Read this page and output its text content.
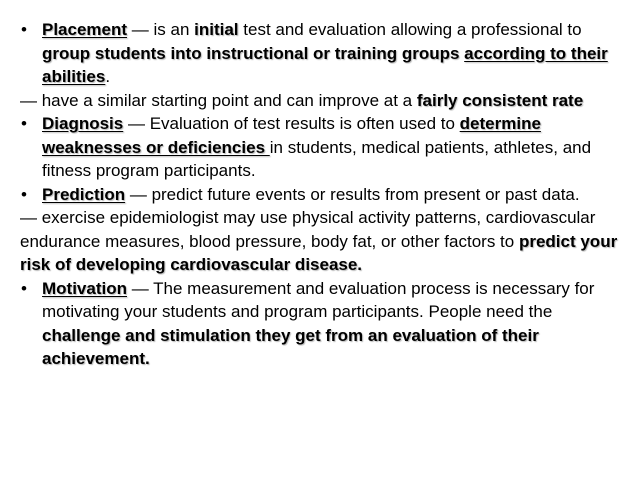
• Placement — is an initial test and evaluation allowing a professional to group students into instructional or training groups according to their abilities.
— have a similar starting point and can improve at a fairly consistent rate
• Diagnosis — Evaluation of test results is often used to determine weaknesses or deficiencies in students, medical patients, athletes, and fitness program participants.
• Prediction — predict future events or results from present or past data.
— exercise epidemiologist may use physical activity patterns, cardiovascular endurance measures, blood pressure, body fat, or other factors to predict your risk of developing cardiovascular disease.
• Motivation — The measurement and evaluation process is necessary for motivating your students and program participants. People need the challenge and stimulation they get from an evaluation of their achievement.
